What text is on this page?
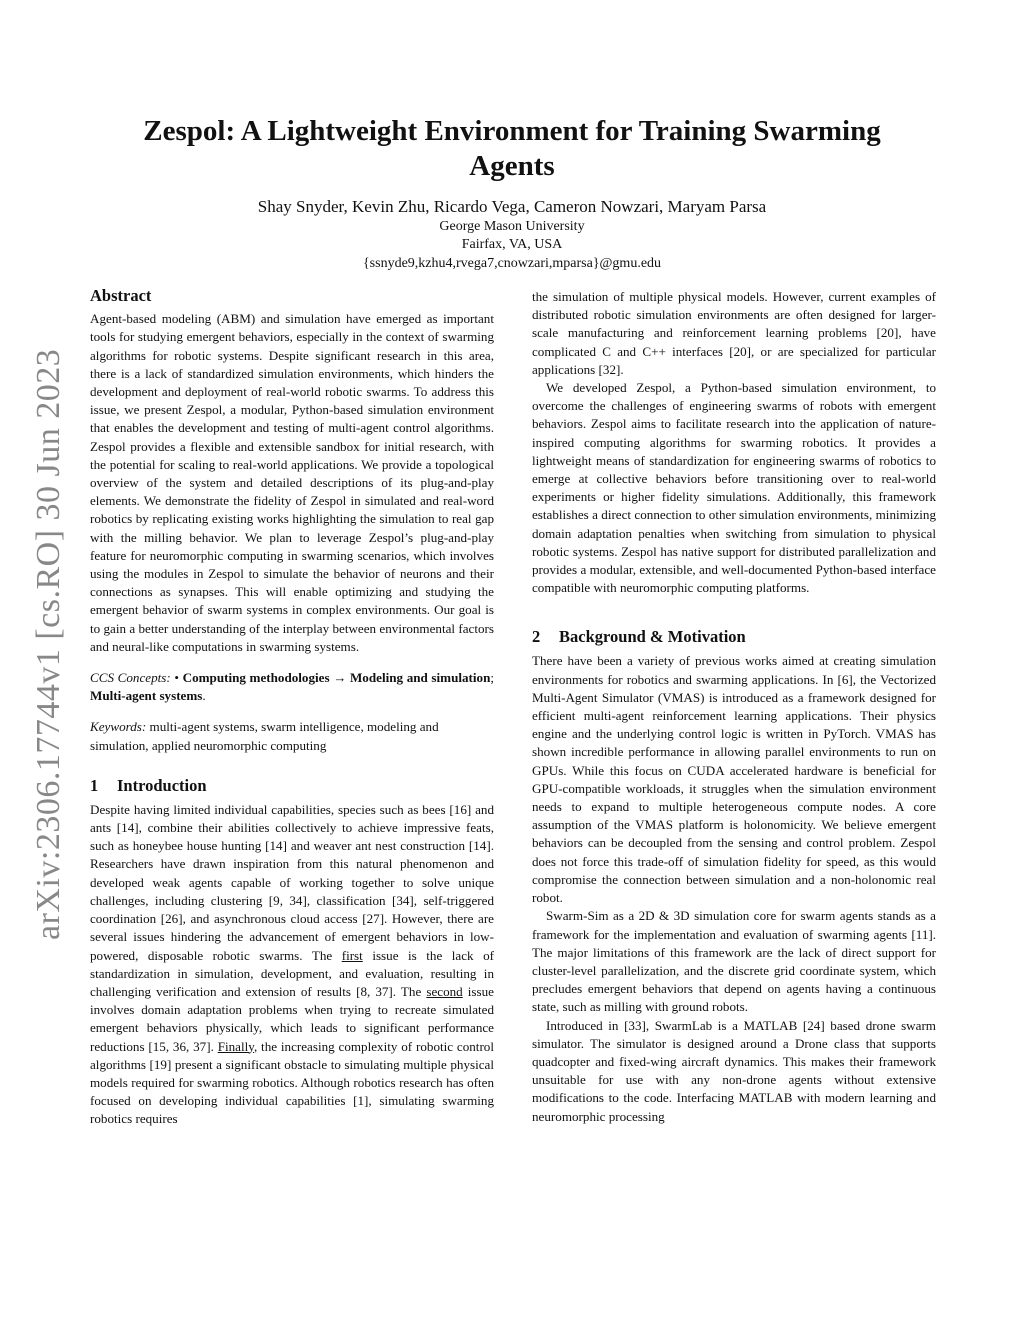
arXiv:2306.17744v1 [cs.RO] 30 Jun 2023
Zespol: A Lightweight Environment for Training Swarming Agents

Shay Snyder, Kevin Zhu, Ricardo Vega, Cameron Nowzari, Maryam Parsa

George Mason University

Fairfax, VA, USA

{ssnyde9,kzhu4,rvega7,cnowzari,mparsa}@gmu.edu

Abstract

Agent-based modeling (ABM) and simulation have emerged as important tools for studying emergent behaviors, especially in the context of swarming algorithms for robotic systems. Despite significant research in this area, there is a lack of standardized simulation environments, which hinders the development and deployment of real-world robotic swarms. To address this issue, we present Zespol, a modular, Python-based simulation environment that enables the development and testing of multi-agent control algorithms. Zespol provides a flexible and extensible sandbox for initial research, with the potential for scaling to real-world applications. We provide a topological overview of the system and detailed descriptions of its plug-and-play elements. We demonstrate the fidelity of Zespol in simulated and real-word robotics by replicating existing works highlighting the simulation to real gap with the milling behavior. We plan to leverage Zespol’s plug-and-play feature for neuromorphic computing in swarming scenarios, which involves using the modules in Zespol to simulate the behavior of neurons and their connections as synapses. This will enable optimizing and studying the emergent behavior of swarm systems in complex environments. Our goal is to gain a better understanding of the interplay between environmental factors and neural-like computations in swarming systems.

CCS Concepts: • Computing methodologies → Modeling and simulation; Multi-agent systems.

Keywords: multi-agent systems, swarm intelligence, modeling and simulation, applied neuromorphic computing

1 Introduction

Despite having limited individual capabilities, species such as bees [16] and ants [14], combine their abilities collectively to achieve impressive feats, such as honeybee house hunting [14] and weaver ant nest construction [14]. Researchers have drawn inspiration from this natural phenomenon and developed weak agents capable of working together to solve unique challenges, including clustering [9, 34], classification [34], self-triggered coordination [26], and asynchronous cloud access [27]. However, there are several issues hindering the advancement of emergent behaviors in low-powered, disposable robotic swarms. The first issue is the lack of standardization in simulation, development, and evaluation, resulting in challenging verification and extension of results [8, 37]. The second issue involves domain adaptation problems when trying to recreate simulated emergent behaviors physically, which leads to significant performance reductions [15, 36, 37]. Finally, the increasing complexity of robotic control algorithms [19] present a significant obstacle to simulating multiple physical models required for swarming robotics. Although robotics research has often focused on developing individual capabilities [1], simulating swarming robotics requires

the simulation of multiple physical models. However, current examples of distributed robotic simulation environments are often designed for larger-scale manufacturing and reinforcement learning problems [20], have complicated C and C++ interfaces [20], or are specialized for particular applications [32].

We developed Zespol, a Python-based simulation environment, to overcome the challenges of engineering swarms of robots with emergent behaviors. Zespol aims to facilitate research into the application of nature-inspired computing algorithms for swarming robotics. It provides a lightweight means of standardization for engineering swarms of robotics to emerge at collective behaviors before transitioning over to real-world experiments or higher fidelity simulations. Additionally, this framework establishes a direct connection to other simulation environments, minimizing domain adaptation penalties when switching from simulation to physical robotic systems. Zespol has native support for distributed parallelization and provides a modular, extensible, and well-documented Python-based interface compatible with neuromorphic computing platforms.

2 Background & Motivation

There have been a variety of previous works aimed at creating simulation environments for robotics and swarming applications. In [6], the Vectorized Multi-Agent Simulator (VMAS) is introduced as a framework designed for efficient multi-agent reinforcement learning applications. Their physics engine and the underlying control logic is written in PyTorch. VMAS has shown incredible performance in allowing parallel environments to run on GPUs. While this focus on CUDA accelerated hardware is beneficial for GPU-compatible workloads, it struggles when the simulation environment needs to expand to multiple heterogeneous compute nodes. A core assumption of the VMAS platform is holonomicity. We believe emergent behaviors can be decoupled from the sensing and control problem. Zespol does not force this trade-off of simulation fidelity for speed, as this would compromise the connection between simulation and a non-holonomic real robot.

Swarm-Sim as a 2D & 3D simulation core for swarm agents stands as a framework for the implementation and evaluation of swarming agents [11]. The major limitations of this framework are the lack of direct support for cluster-level parallelization, and the discrete grid coordinate system, which precludes emergent behaviors that depend on agents having a continuous state, such as milling with ground robots.

Introduced in [33], SwarmLab is a MATLAB [24] based drone swarm simulator. The simulator is designed around a Drone class that supports quadcopter and fixed-wing aircraft dynamics. This makes their framework unsuitable for use with any non-drone agents without extensive modifications to the code. Interfacing MATLAB with modern learning and neuromorphic processing
